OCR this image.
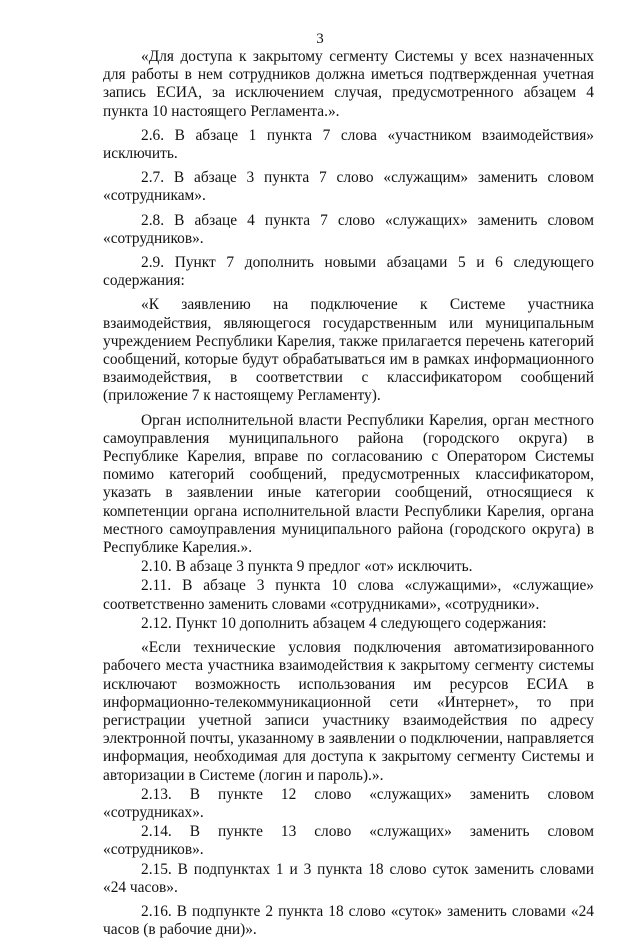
3

«Для доступа к закрытому сегменту Системы у всех назначенных для работы в нем сотрудников должна иметься подтвержденная учетная запись ЕСИА, за исключением случая, предусмотренного абзацем 4 пункта 10 настоящего Регламента.».

2.6. В абзаце 1 пункта 7 слова «участником взаимодействия» исключить.

2.7. В абзаце 3 пункта 7 слово «служащим» заменить словом «сотрудникам».

2.8. В абзаце 4 пункта 7 слово «служащих» заменить словом «сотрудников».

2.9. Пункт 7 дополнить новыми абзацами 5 и 6 следующего содержания:

«К заявлению на подключение к Системе участника взаимодействия, являющегося государственным или муниципальным учреждением Республики Карелия, также прилагается перечень категорий сообщений, которые будут обрабатываться им в рамках информационного взаимодействия, в соответствии с классификатором сообщений (приложение 7 к настоящему Регламенту).

Орган исполнительной власти Республики Карелия, орган местного самоуправления муниципального района (городского округа) в Республике Карелия, вправе по согласованию с Оператором Системы помимо категорий сообщений, предусмотренных классификатором, указать в заявлении иные категории сообщений, относящиеся к компетенции органа исполнительной власти Республики Карелия, органа местного самоуправления муниципального района (городского округа) в Республике Карелия.».

2.10. В абзаце 3 пункта 9 предлог «от» исключить.

2.11. В абзаце 3 пункта 10 слова «служащими», «служащие» соответственно заменить словами «сотрудниками», «сотрудники».

2.12. Пункт 10 дополнить абзацем 4 следующего содержания:

«Если технические условия подключения автоматизированного рабочего места участника взаимодействия к закрытому сегменту системы исключают возможность использования им ресурсов ЕСИА в информационно-телекоммуникационной сети «Интернет», то при регистрации учетной записи участнику взаимодействия по адресу электронной почты, указанному в заявлении о подключении, направляется информация, необходимая для доступа к закрытому сегменту Системы и авторизации в Системе (логин и пароль).».

2.13. В пункте 12 слово «служащих» заменить словом «сотрудниках».

2.14. В пункте 13 слово «служащих» заменить словом «сотрудников».

2.15. В подпунктах 1 и 3 пункта 18 слово суток заменить словами «24 часов».

2.16. В подпункте 2 пункта 18 слово «суток» заменить словами «24 часов (в рабочие дни)».
